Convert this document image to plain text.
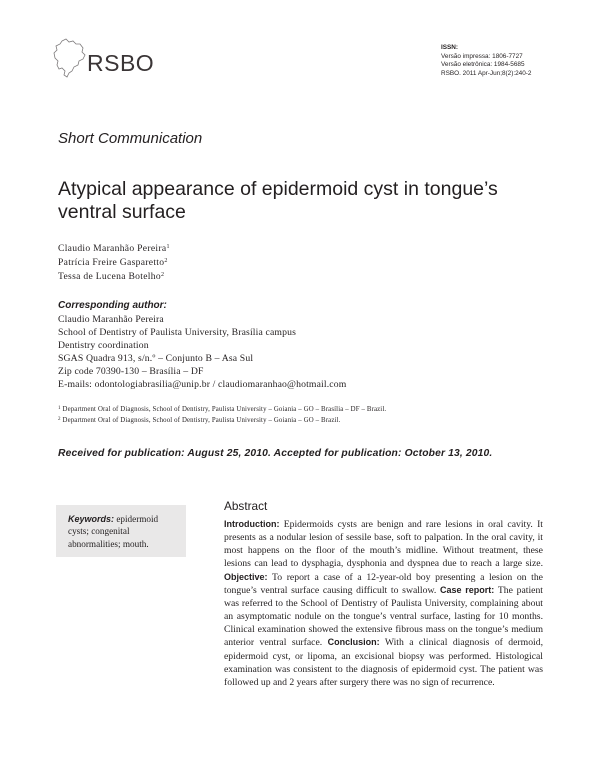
RSBO
ISSN:
Versão impressa: 1806-7727
Versão eletrônica: 1984-5685
RSBO. 2011 Apr-Jun;8(2):240-2
Short Communication
Atypical appearance of epidermoid cyst in tongue’s ventral surface
Claudio Maranhão Pereira$^1$
Patrícia Freire Gasparetto$^2$
Tessa de Lucena Botelho$^2$
Corresponding author:
Claudio Maranhão Pereira
School of Dentistry of Paulista University, Brasília campus
Dentistry coordination
SGAS Quadra 913, s/n.º – Conjunto B – Asa Sul
Zip code 70390-130 – Brasília – DF
E-mails: odontologiabrasilia@unip.br / claudiomaranhao@hotmail.com
$^1$ Department Oral of Diagnosis, School of Dentistry, Paulista University – Goiania – GO – Brasília – DF – Brazil.
$^2$ Department Oral of Diagnosis, School of Dentistry, Paulista University – Goiania – GO – Brazil.
Received for publication: August 25, 2010. Accepted for publication: October 13, 2010.
Keywords: epidermoid cysts; congenital abnormalities; mouth.
Abstract
Introduction: Epidermoids cysts are benign and rare lesions in oral cavity. It presents as a nodular lesion of sessile base, soft to palpation. In the oral cavity, it most happens on the floor of the mouth’s midline. Without treatment, these lesions can lead to dysphagia, dysphonia and dyspnea due to reach a large size. Objective: To report a case of a 12-year-old boy presenting a lesion on the tongue’s ventral surface causing difficult to swallow. Case report: The patient was referred to the School of Dentistry of Paulista University, complaining about an asymptomatic nodule on the tongue’s ventral surface, lasting for 10 months. Clinical examination showed the extensive fibrous mass on the tongue’s medium anterior ventral surface. Conclusion: With a clinical diagnosis of dermoid, epidermoid cyst, or lipoma, an excisional biopsy was performed. Histological examination was consistent to the diagnosis of epidermoid cyst. The patient was followed up and 2 years after surgery there was no sign of recurrence.
